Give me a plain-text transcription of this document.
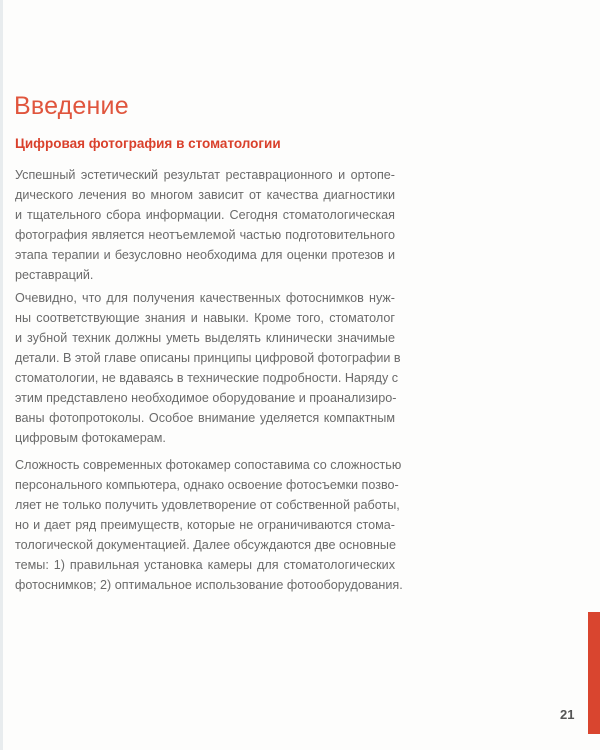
Введение
Цифровая фотография в стоматологии
Успешный эстетический результат реставрационного и ортопе-
дического лечения во многом зависит от качества диагностики
и тщательного сбора информации. Сегодня стоматологическая
фотография является неотъемлемой частью подготовительного
этапа терапии и безусловно необходима для оценки протезов и
реставраций.
Очевидно, что для получения качественных фотоснимков нуж-
ны соответствующие знания и навыки. Кроме того, стоматолог
и зубной техник должны уметь выделять клинически значимые
детали. В этой главе описаны принципы цифровой фотографии в
стоматологии, не вдаваясь в технические подробности. Наряду с
этим представлено необходимое оборудование и проанализиро-
ваны фотопротоколы. Особое внимание уделяется компактным
цифровым фотокамерам.
Сложность современных фотокамер сопоставима со сложностью
персонального компьютера, однако освоение фотосъемки позво-
ляет не только получить удовлетворение от собственной работы,
но и дает ряд преимуществ, которые не ограничиваются стома-
тологической документацией. Далее обсуждаются две основные
темы: 1) правильная установка камеры для стоматологических
фотоснимков; 2) оптимальное использование фотооборудования.
21
